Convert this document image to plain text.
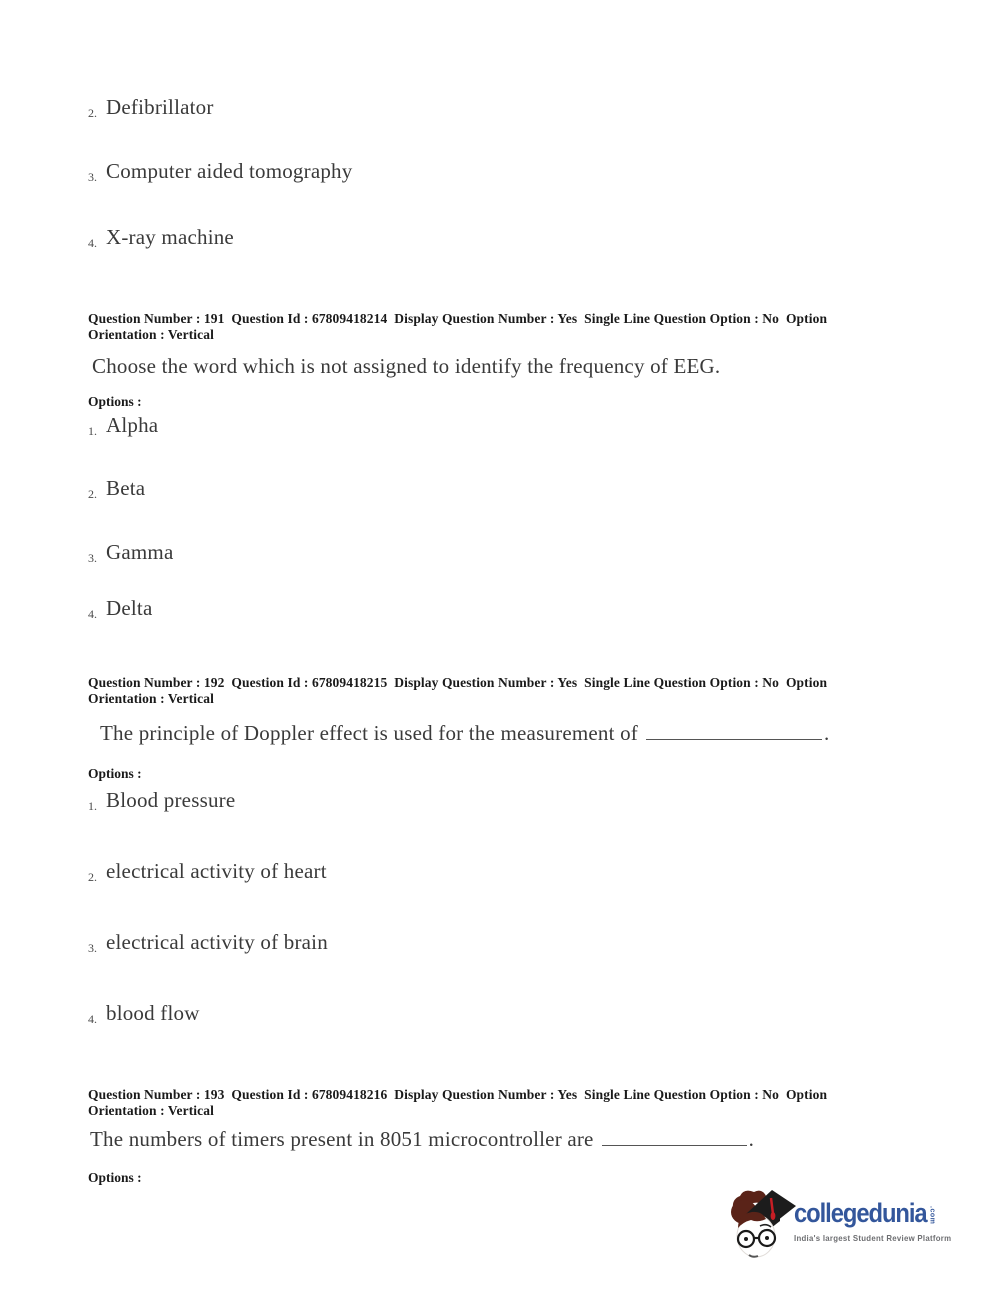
2. Defibrillator
3. Computer aided tomography
4. X-ray machine
Question Number : 191  Question Id : 67809418214  Display Question Number : Yes  Single Line Question Option : No  Option Orientation : Vertical
Choose the word which is not assigned to identify the frequency of EEG.
Options :
1. Alpha
2. Beta
3. Gamma
4. Delta
Question Number : 192  Question Id : 67809418215  Display Question Number : Yes  Single Line Question Option : No  Option Orientation : Vertical
The principle of Doppler effect is used for the measurement of	.
Options :
1. Blood pressure
2. electrical activity of heart
3. electrical activity of brain
4. blood flow
Question Number : 193  Question Id : 67809418216  Display Question Number : Yes  Single Line Question Option : No  Option Orientation : Vertical
The numbers of timers present in 8051 microcontroller are	.
Options :
collegedunia .com
India's largest Student Review Platform
